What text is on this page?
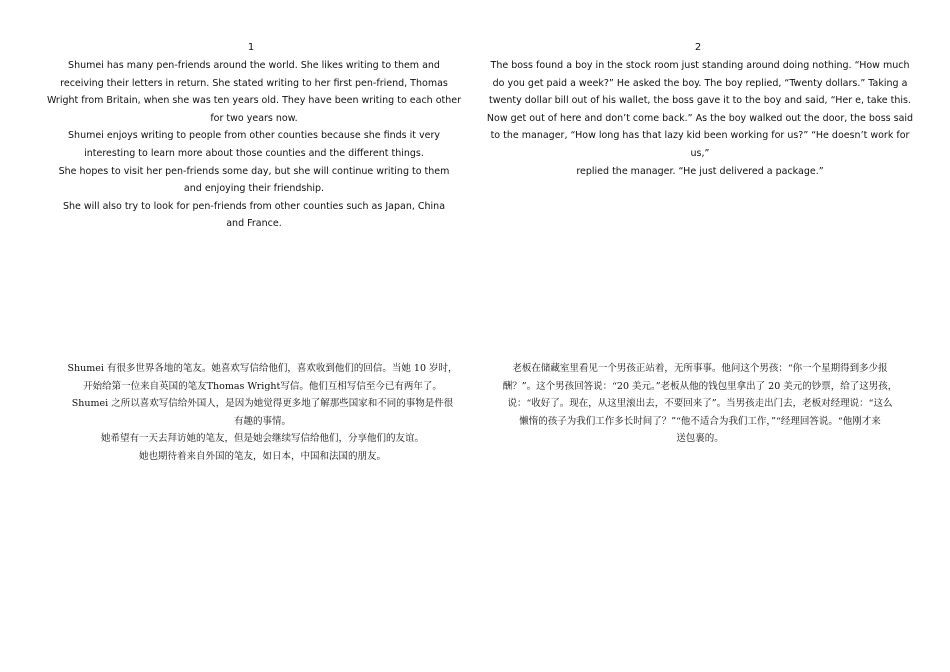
1	2

Shumei has many pen-friends around the world. She likes writing to them and

receiving their letters in return. She stated writing to her first pen-friend, Thomas

Wright from Britain, when she was ten years old. They have been writing to each other

for two years now.

Shumei enjoys writing to people from other counties because she finds it very

interesting to learn more about those counties and the different things.

She hopes to visit her pen-friends some day, but she will continue writing to them

and enjoying their friendship.

She will also try to look for pen-friends from other counties such as Japan, China

and France.

The boss found a boy in the stock room just standing around doing nothing. “How much

do you get paid a week?” He asked the boy. The boy replied, “Twenty dollars.” Taking a

twenty dollar bill out of his wallet, the boss gave it to the boy and said, “Her e, take this.

Now get out of here and don’t come back.” As the boy walked out the door, the boss said

to the manager, “How long has that lazy kid been working for us?” “He doesn’t work for us,”

replied the manager. “He just delivered a package.”

Shumei 有很多世界各地的笔友。她喜欢写信给他们，喜欢收到他们的回信。当她 10 岁时，

开始给第一位来自英国的笔友Thomas Wright写信。他们互相写信至今已有两年了。

Shumei 之所以喜欢写信给外国人，是因为她觉得更多地了解那些国家和不同的事物是件很

有趣的事情。

她希望有一天去拜访她的笔友，但是她会继续写信给他们，分享他们的友谊。

她也期待着来自外国的笔友，如日本，中国和法国的朋友。

老板在储藏室里看见一个男孩正站着，无所事事。他问这个男孩：“你一个星期得到多少报

酬？”。这个男孩回答说：“20 美元。”老板从他的钱包里拿出了 20 美元的钞票，给了这男孩，

说：“收好了。现在，从这里滚出去，不要回来了”。当男孩走出门去，老板对经理说：“这么

懒惰的孩子为我们工作多长时间了？”“他不适合为我们工作，”“经理回答说。“他刚才来

送包裹的。
